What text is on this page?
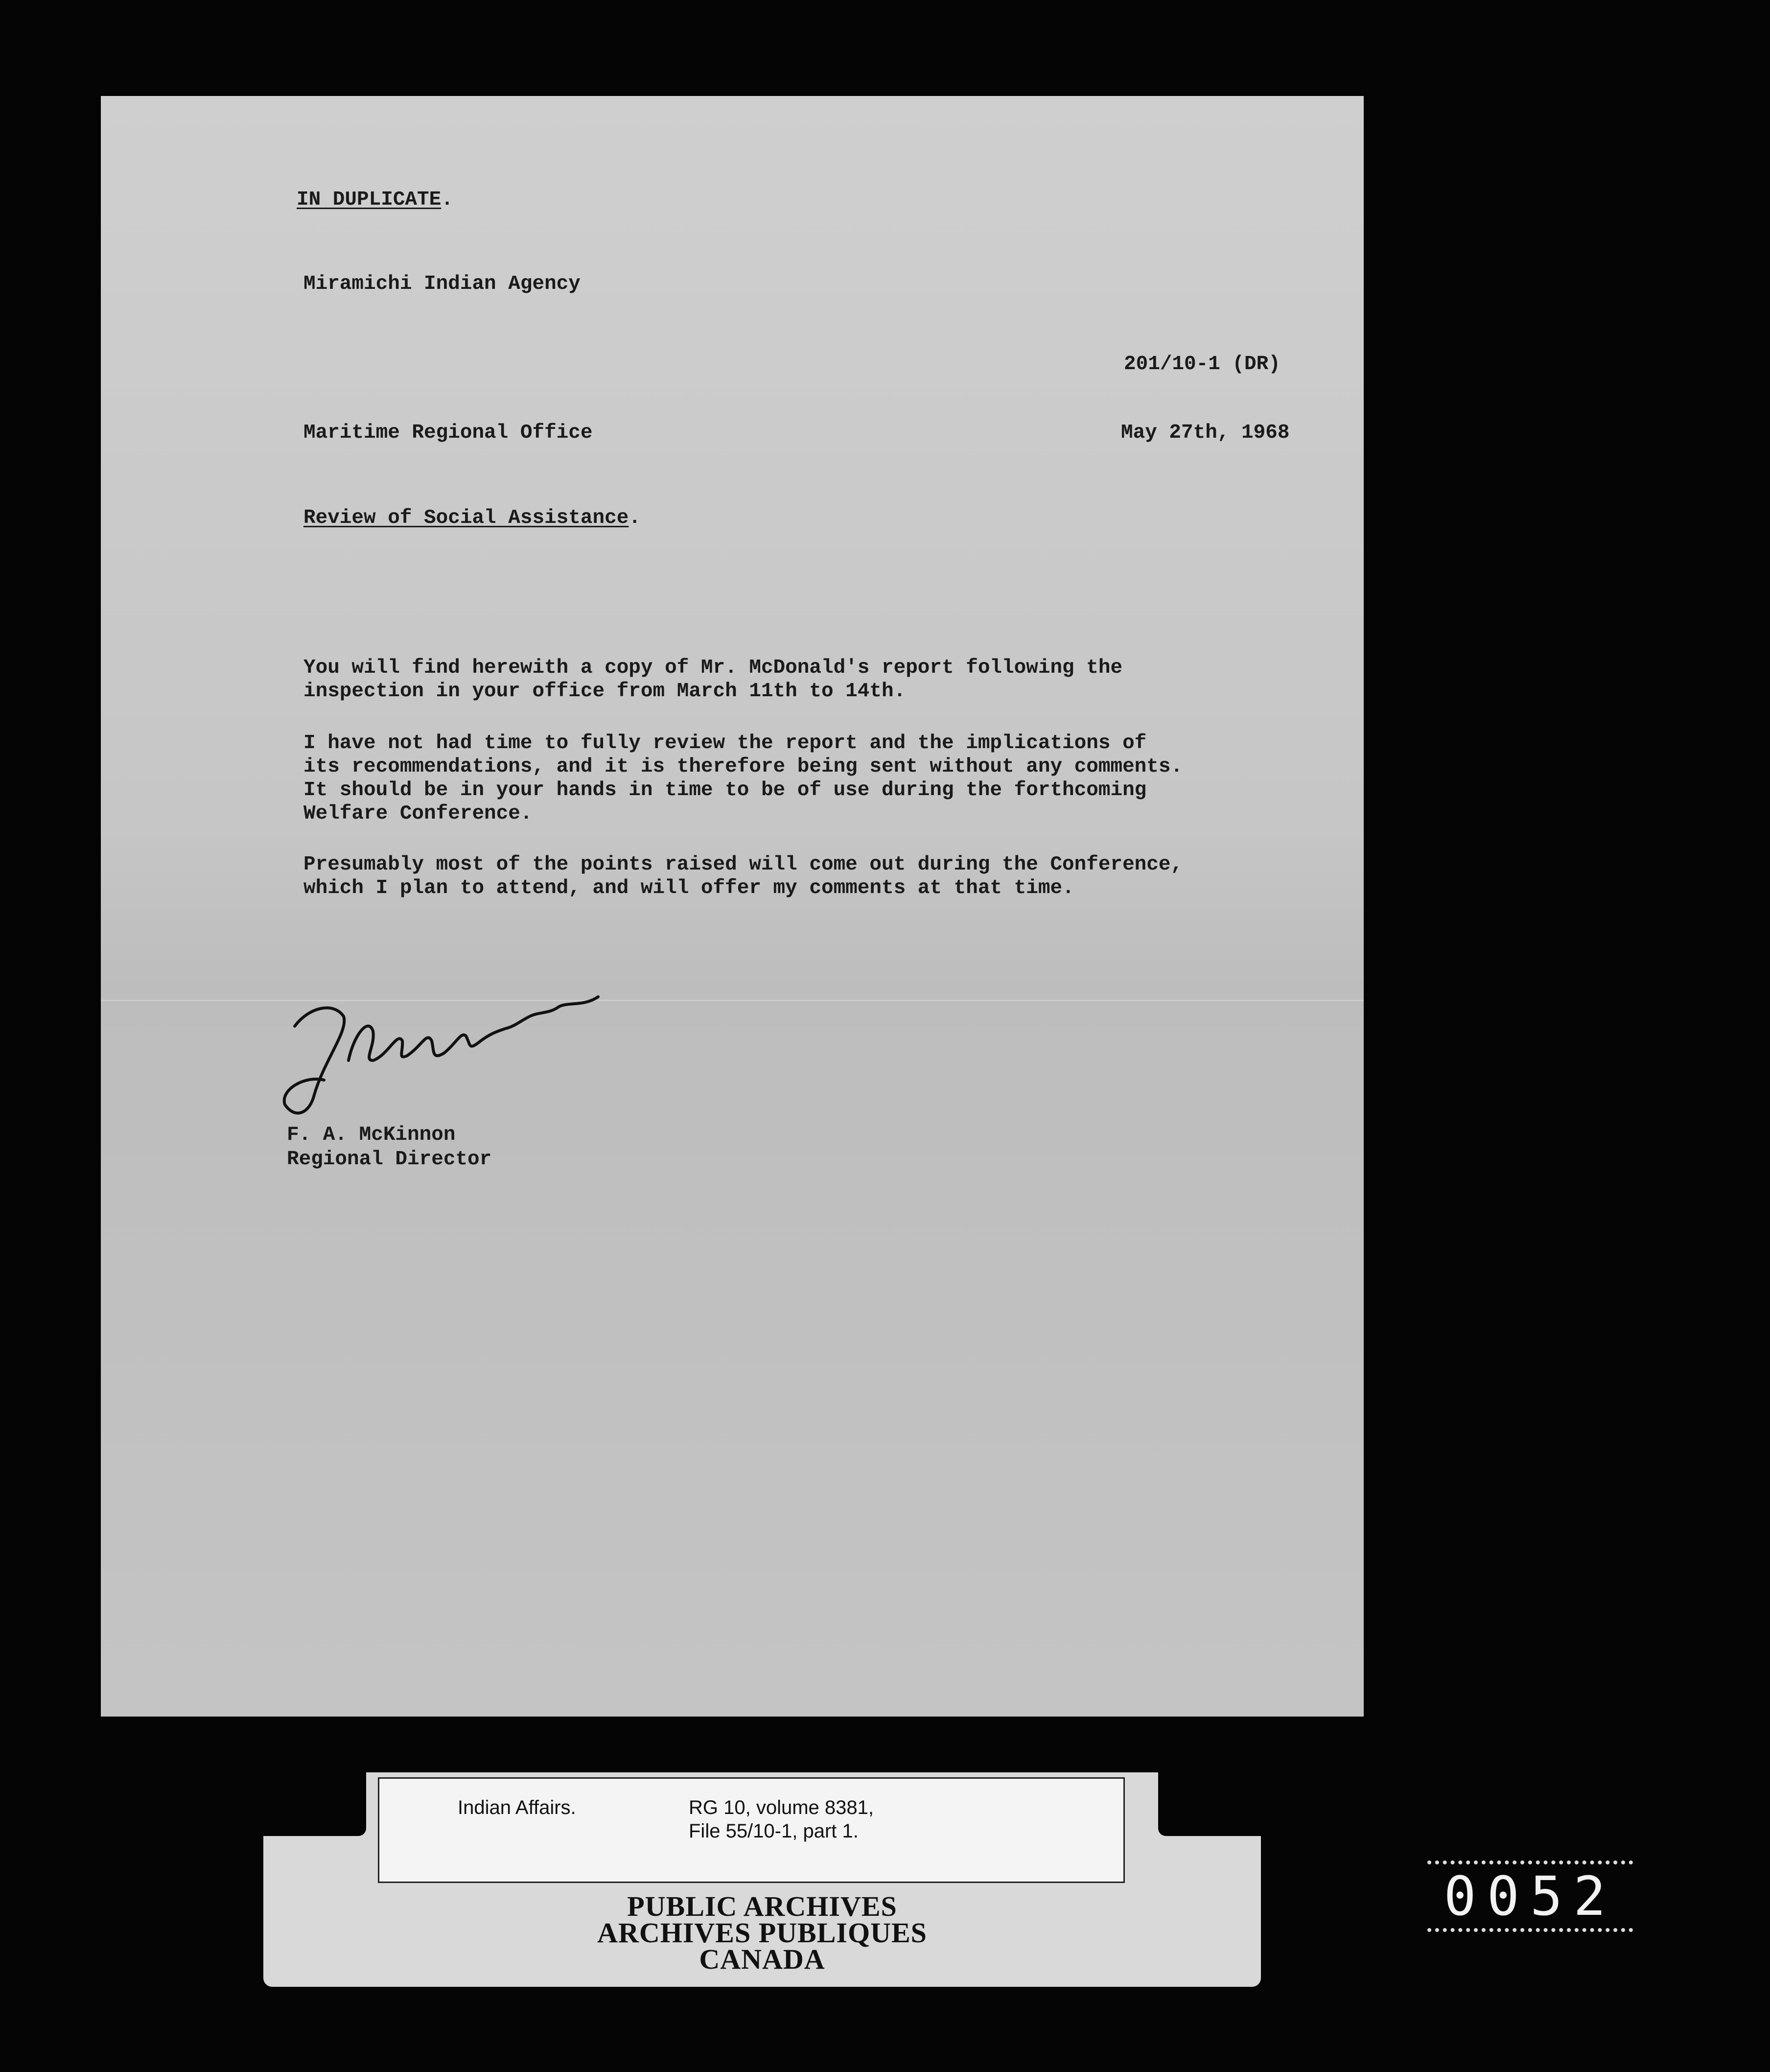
IN DUPLICATE.
Miramichi Indian Agency
201/10-1 (DR)
Maritime Regional Office	May 27th, 1968
Review of Social Assistance.
You will find herewith a copy of Mr. McDonald's report following the inspection in your office from March 11th to 14th.
I have not had time to fully review the report and the implications of its recommendations, and it is therefore being sent without any comments. It should be in your hands in time to be of use during the forthcoming Welfare Conference.
Presumably most of the points raised will come out during the Conference, which I plan to attend, and will offer my comments at that time.
F. A. McKinnon
Regional Director
Indian Affairs.	RG 10, volume 8381,
File 55/10-1, part 1.
PUBLIC ARCHIVES
ARCHIVES PUBLIQUES
CANADA
0052
